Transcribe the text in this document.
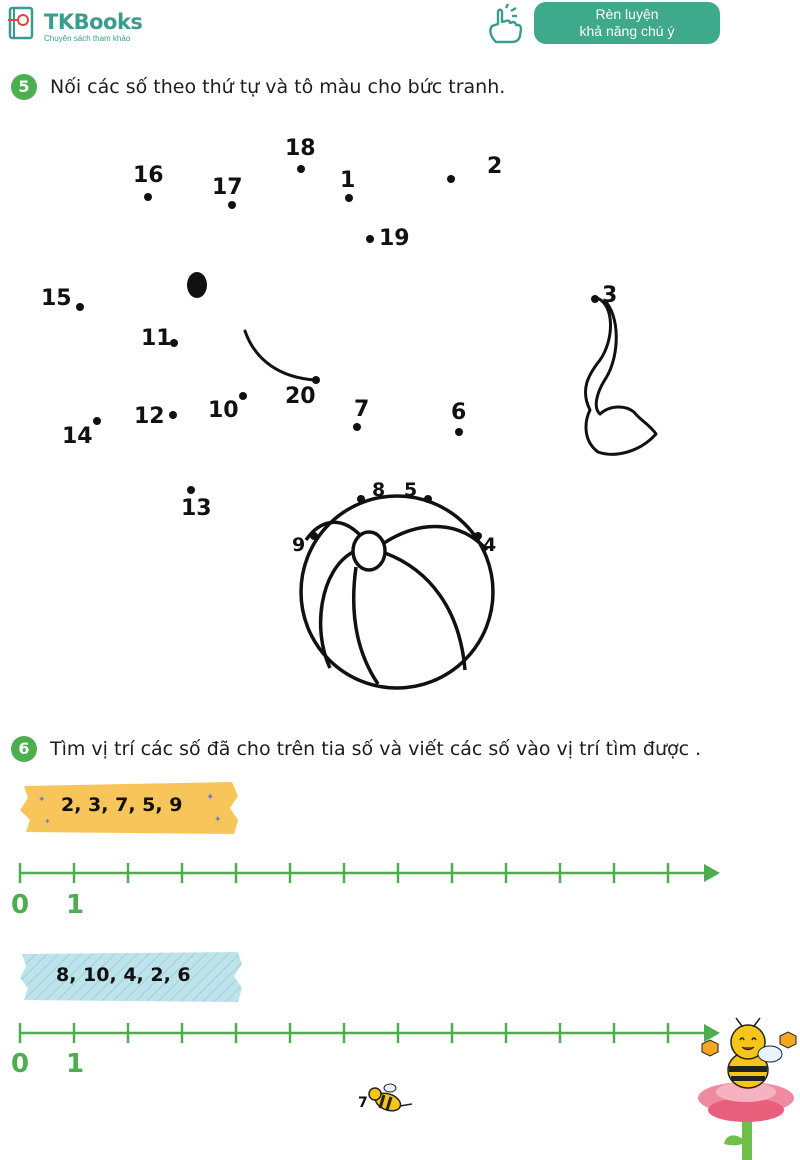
TKBooks
Chuyên sách tham khảo
Rèn luyện
khả năng chú ý
5	Nối các số theo thứ tự và tô màu cho bức tranh.
1
2
3
4
5
6
7
8
9
10
11
12
13
14
15
16 17
18
19
20
6	Tìm vị trí các số đã cho trên tia số và viết các số vào vị trí tìm được .
✦
✦
✦
✦
2, 3, 7, 5, 9
0 1
8, 10, 4, 2, 6
0 1
7
